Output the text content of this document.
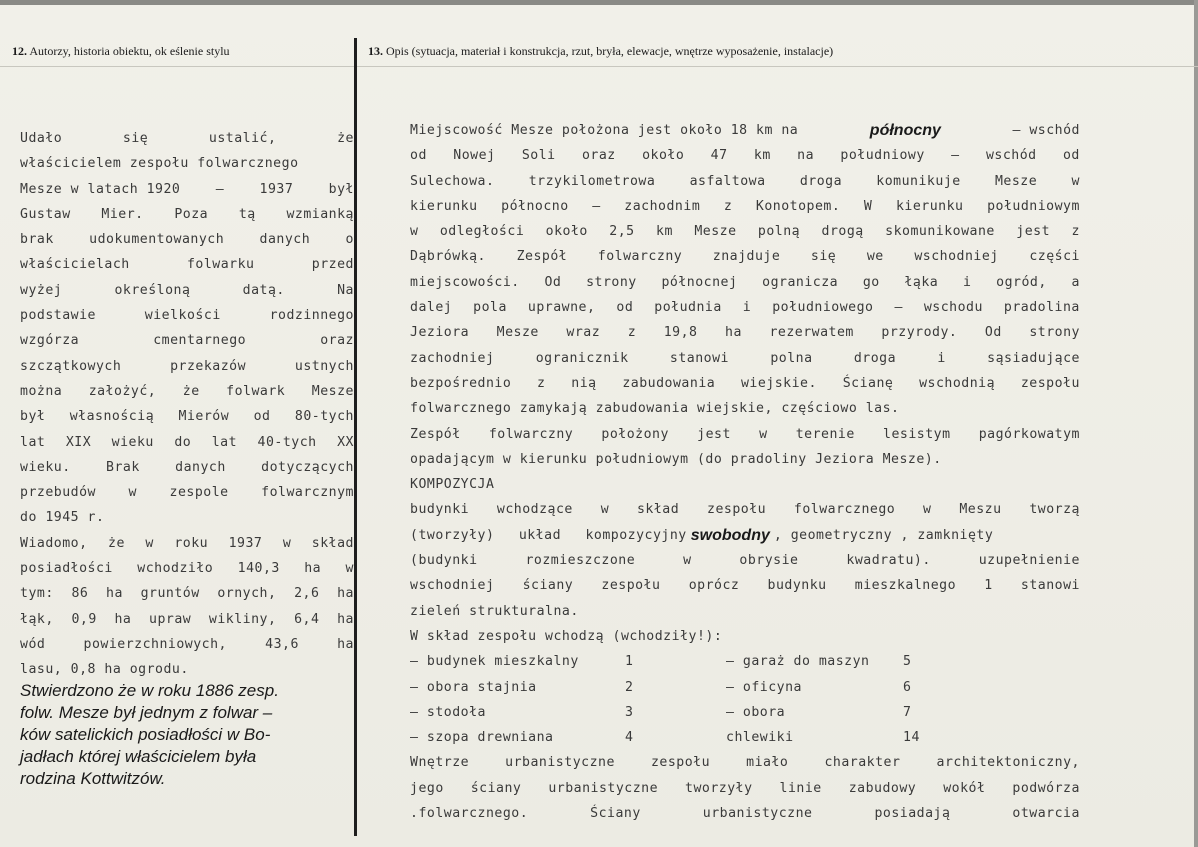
12. Autorzy, historia obiektu, ok eślenie stylu	13. Opis (sytuacja, materiał i konstrukcja, rzut, bryła, elewacje, wnętrze wyposażenie, instalacje)
Udało	się	ustalić,	że
właścicielem zespołu folwarcznego
Mesze w latach 1920	–	1937	był
Gustaw Mier. Poza tą wzmianką
brak	udokumentowanych	danych	o
właścicielach	folwarku	przed
wyżej	określoną	datą.	Na
podstawie	wielkości	rodzinnego
wzgórza	cmentarnego	oraz
szczątkowych	przekazów	ustnych
można założyć, że folwark Mesze
był własnością Mierów od 80-tych
lat XIX wieku do lat 40-tych XX
wieku.	Brak	danych	dotyczących
przebudów w zespole folwarcznym
do 1945 r.
Wiadomo, że w roku 1937 w skład
posiadłości wchodziło 140,3 ha w
tym: 86 ha gruntów ornych, 2,6 ha
łąk, 0,9 ha upraw wikliny, 6,4 ha
wód	powierzchniowych,	43,6	ha
lasu, 0,8 ha ogrodu.
Stwierdzono że w roku 1886 zesp.
folw. Mesze był jednym z folwar –
ków satelickich posiadłości w Bo-
jadłach której właścicielem była
rodzina Kottwitzów.
Miejscowość Mesze położona jest około 18 km na	północny	– wschód
od Nowej Soli oraz około 47 km na południowy – wschód od
Sulechowa.	trzykilometrowa	asfaltowa	droga	komunikuje	Mesze	w
kierunku północno – zachodnim z Konotopem. W kierunku południowym
w odległości około 2,5 km Mesze polną drogą skomunikowane jest z
Dąbrówką. Zespół folwarczny znajduje się we wschodniej części
miejscowości. Od strony północnej ogranicza go łąka i ogród, a
dalej pola uprawne, od południa i południowego – wschodu pradolina
Jeziora Mesze wraz z 19,8 ha rezerwatem przyrody. Od strony
zachodniej	ogranicznik	stanowi	polna	droga	i	sąsiadujące
bezpośrednio z nią zabudowania wiejskie. Ścianę wschodnią zespołu
folwarcznego zamykają zabudowania wiejskie, częściowo las.
Zespół folwarczny położony jest w terenie lesistym pagórkowatym
opadającym w kierunku południowym (do pradoliny Jeziora Mesze).
KOMPOZYCJA
budynki wchodzące w skład zespołu folwarcznego w Meszu tworzą
(tworzyły) układ kompozycyjny swobodny , geometryczny , zamknięty
(budynki	rozmieszczone	w	obrysie	kwadratu).	uzupełnienie
wschodniej ściany zespołu oprócz budynku mieszkalnego 1 stanowi
zieleń strukturalna.
W skład zespołu wchodzą (wchodziły!):
– budynek mieszkalny	1	– garaż do maszyn	5
– obora stajnia	2	– oficyna	6
– stodoła	3	– obora	7
– szopa drewniana	4	chlewiki	14
Wnętrze	urbanistyczne	zespołu	miało	charakter	architektoniczny,
jego ściany urbanistyczne tworzyły linie zabudowy wokół podwórza
.folwarcznego.	Ściany	urbanistyczne	posiadają	otwarcia
